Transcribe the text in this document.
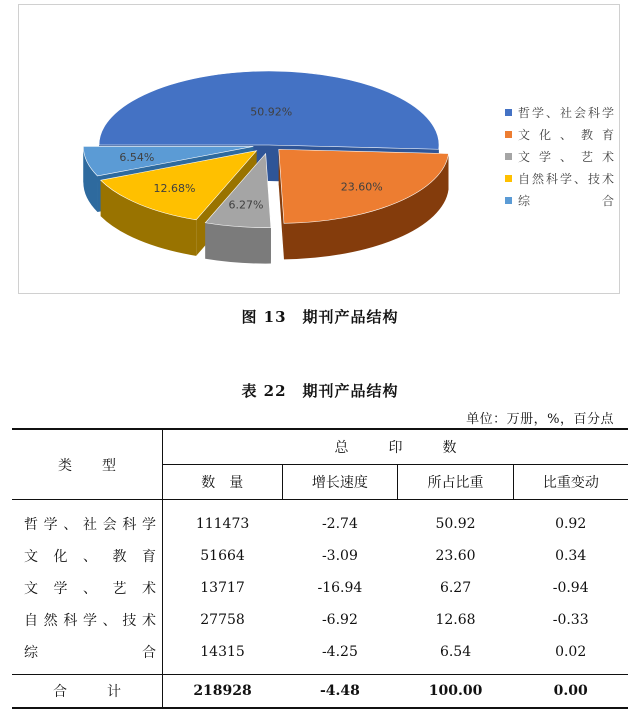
50.92%
23.60%
6.27%
12.68%
6.54%
哲学、社会科学
文化、教育
文学、艺术
自然科学、技术
综　　合
图 13　期刊产品结构
表 22　期刊产品结构
单位：万册，%，百分点
类型	总印数			
	数　量	增长速度	所占比重	比重变动
哲学、社会科学	111473	-2.74	50.92	0.92
文化、教育	51664	-3.09	23.60	0.34
文学、艺术	13717	-16.94	6.27	-0.94
自然科学、技术	27758	-6.92	12.68	-0.33
综　　合	14315	-4.25	6.54	0.02
合计	218928	-4.48	100.00	0.00
